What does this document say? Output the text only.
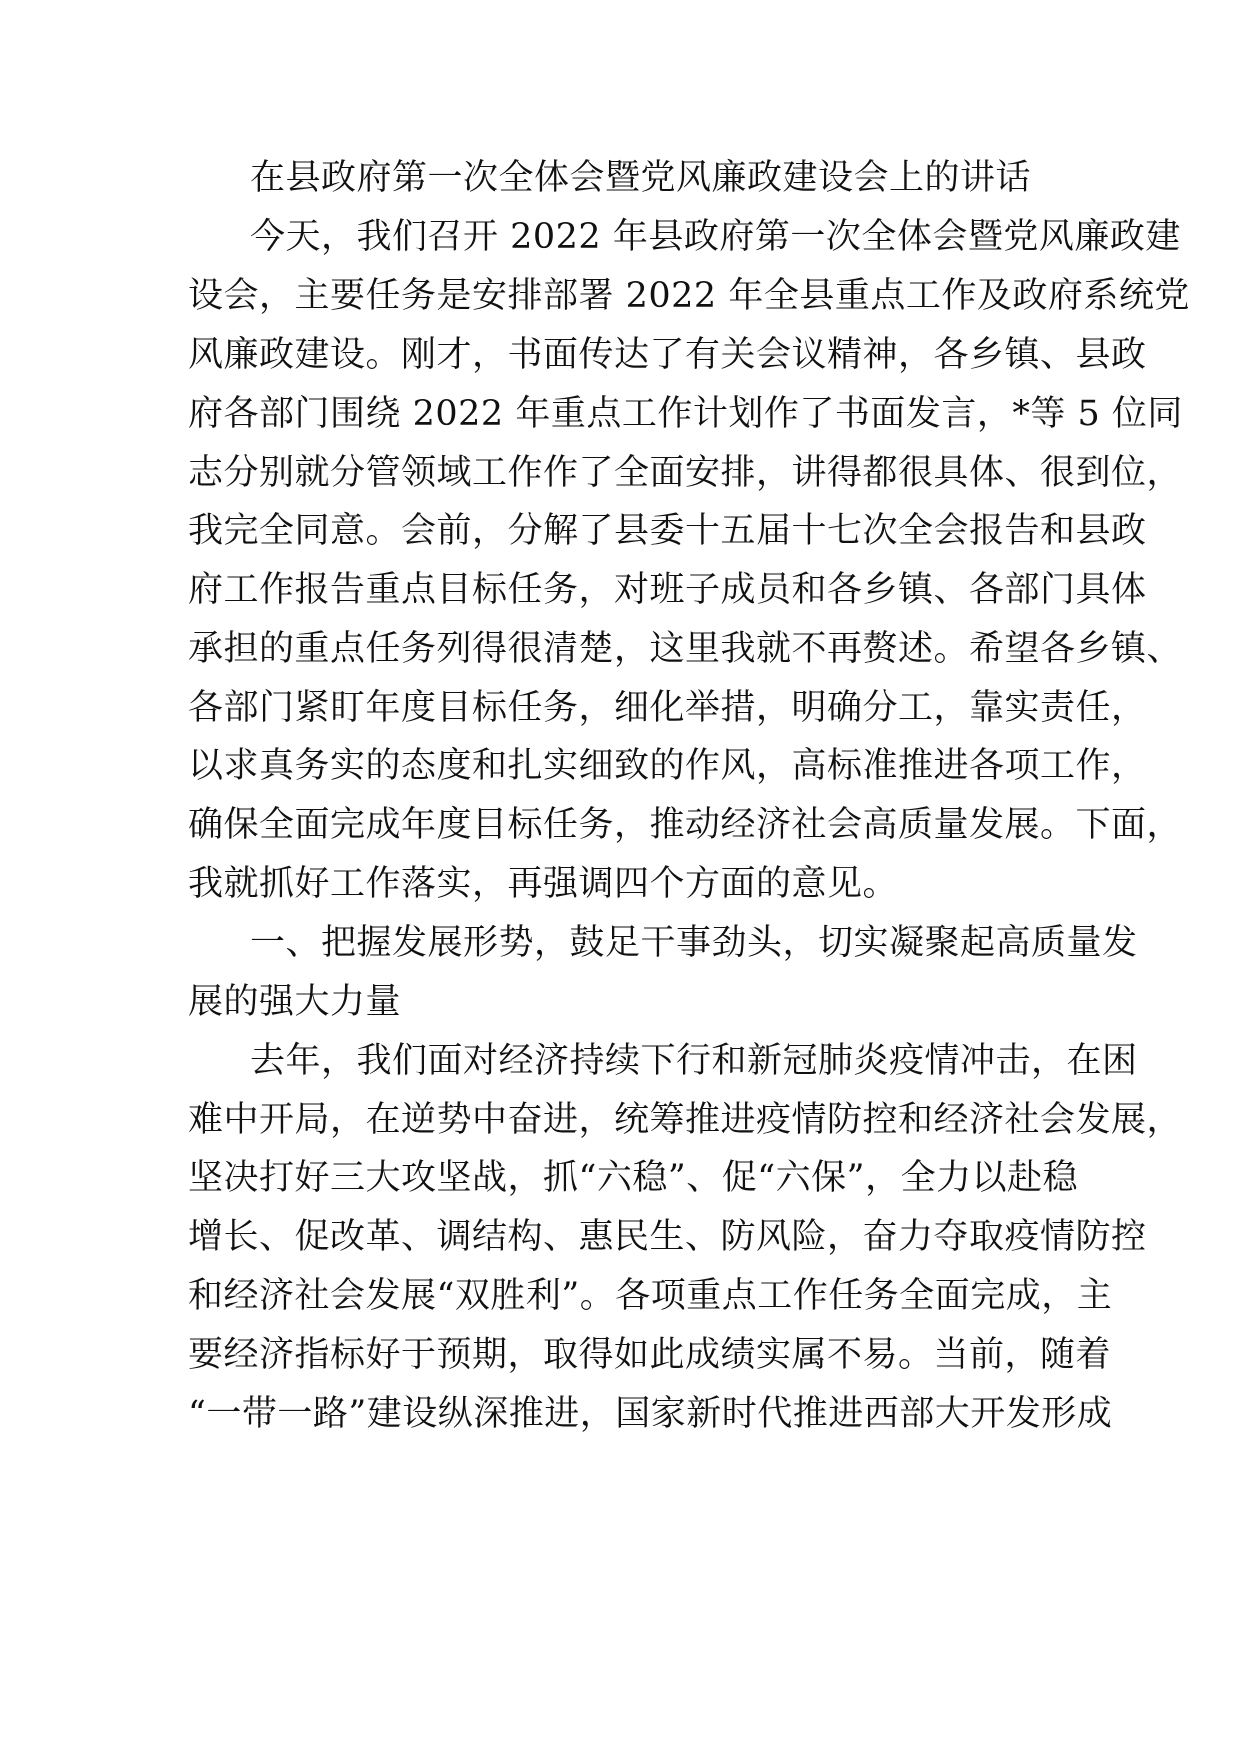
在县政府第一次全体会暨党风廉政建设会上的讲话
今天，我们召开 2022 年县政府第一次全体会暨党风廉政建
设会，主要任务是安排部署 2022 年全县重点工作及政府系统党
风廉政建设。刚才，书面传达了有关会议精神，各乡镇、县政
府各部门围绕 2022 年重点工作计划作了书面发言，*等 5 位同
志分别就分管领域工作作了全面安排，讲得都很具体、很到位，
我完全同意。会前，分解了县委十五届十七次全会报告和县政
府工作报告重点目标任务，对班子成员和各乡镇、各部门具体
承担的重点任务列得很清楚，这里我就不再赘述。希望各乡镇、
各部门紧盯年度目标任务，细化举措，明确分工，靠实责任，
以求真务实的态度和扎实细致的作风，高标准推进各项工作，
确保全面完成年度目标任务，推动经济社会高质量发展。下面，
我就抓好工作落实，再强调四个方面的意见。
一、把握发展形势，鼓足干事劲头，切实凝聚起高质量发
展的强大力量
去年，我们面对经济持续下行和新冠肺炎疫情冲击，在困
难中开局，在逆势中奋进，统筹推进疫情防控和经济社会发展，
坚决打好三大攻坚战，抓“六稳”、促“六保”，全力以赴稳
增长、促改革、调结构、惠民生、防风险，奋力夺取疫情防控
和经济社会发展“双胜利”。各项重点工作任务全面完成，主
要经济指标好于预期，取得如此成绩实属不易。当前，随着
“一带一路”建设纵深推进，国家新时代推进西部大开发形成
